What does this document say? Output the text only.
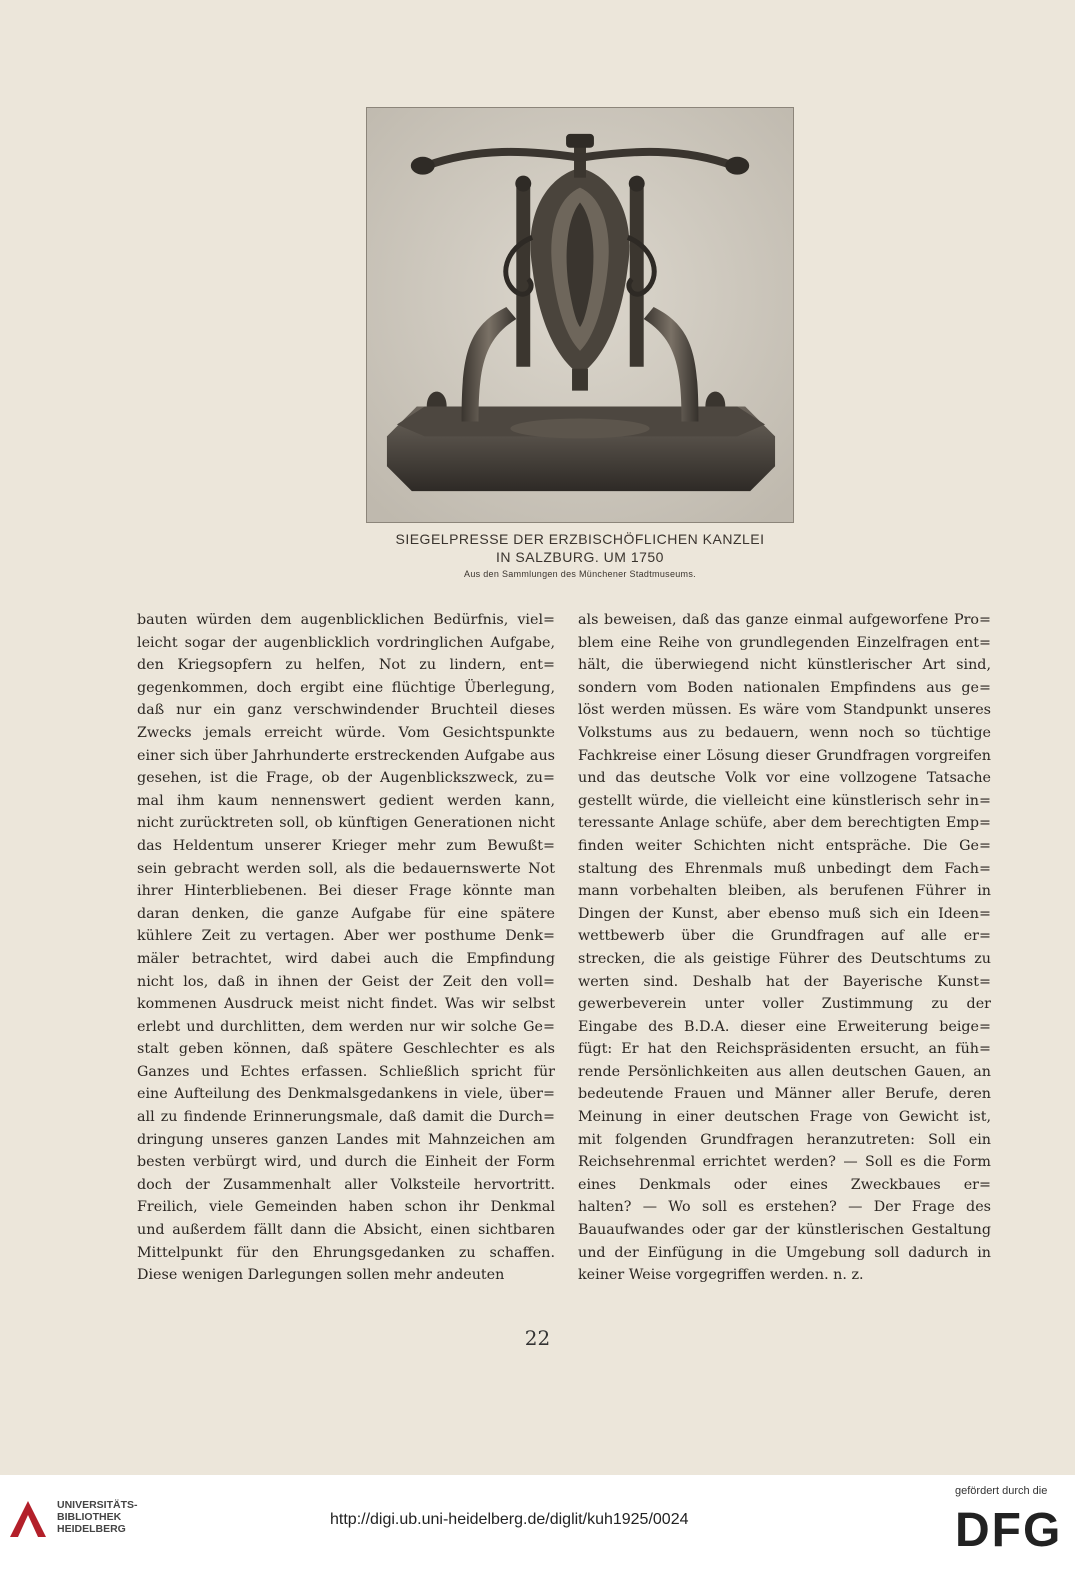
SIEGELPRESSE DER ERZBISCHÖFLICHEN KANZLEI
IN SALZBURG. UM 1750
Aus den Sammlungen des Münchener Stadtmuseums.
bauten würden dem augenblicklichen Bedürfnis, viel=
leicht sogar der augenblicklich vordringlichen Aufgabe,
den Kriegsopfern zu helfen, Not zu lindern, ent=
gegenkommen, doch ergibt eine flüchtige Überlegung,
daß nur ein ganz verschwindender Bruchteil dieses
Zwecks jemals erreicht würde. Vom Gesichtspunkte
einer sich über Jahrhunderte erstreckenden Aufgabe aus
gesehen, ist die Frage, ob der Augenblickszweck, zu=
mal ihm kaum nennenswert gedient werden kann,
nicht zurücktreten soll, ob künftigen Generationen nicht
das Heldentum unserer Krieger mehr zum Bewußt=
sein gebracht werden soll, als die bedauernswerte Not
ihrer Hinterbliebenen. Bei dieser Frage könnte man
daran denken, die ganze Aufgabe für eine spätere
kühlere Zeit zu vertagen. Aber wer posthume Denk=
mäler betrachtet, wird dabei auch die Empfindung
nicht los, daß in ihnen der Geist der Zeit den voll=
kommenen Ausdruck meist nicht findet. Was wir selbst
erlebt und durchlitten, dem werden nur wir solche Ge=
stalt geben können, daß spätere Geschlechter es als
Ganzes und Echtes erfassen. Schließlich spricht für
eine Aufteilung des Denkmalsgedankens in viele, über=
all zu findende Erinnerungsmale, daß damit die Durch=
dringung unseres ganzen Landes mit Mahnzeichen am
besten verbürgt wird, und durch die Einheit der Form
doch der Zusammenhalt aller Volksteile hervortritt.
Freilich, viele Gemeinden haben schon ihr Denkmal
und außerdem fällt dann die Absicht, einen sichtbaren
Mittelpunkt für den Ehrungsgedanken zu schaffen.
Diese wenigen Darlegungen sollen mehr andeuten
als beweisen, daß das ganze einmal aufgeworfene Pro=
blem eine Reihe von grundlegenden Einzelfragen ent=
hält, die überwiegend nicht künstlerischer Art sind,
sondern vom Boden nationalen Empfindens aus ge=
löst werden müssen. Es wäre vom Standpunkt unseres
Volkstums aus zu bedauern, wenn noch so tüchtige
Fachkreise einer Lösung dieser Grundfragen vorgreifen
und das deutsche Volk vor eine vollzogene Tatsache
gestellt würde, die vielleicht eine künstlerisch sehr in=
teressante Anlage schüfe, aber dem berechtigten Emp=
finden weiter Schichten nicht entspräche. Die Ge=
staltung des Ehrenmals muß unbedingt dem Fach=
mann vorbehalten bleiben, als berufenen Führer in
Dingen der Kunst, aber ebenso muß sich ein Ideen=
wettbewerb über die Grundfragen auf alle er=
strecken, die als geistige Führer des Deutschtums zu
werten sind. Deshalb hat der Bayerische Kunst=
gewerbeverein unter voller Zustimmung zu der
Eingabe des B.D.A. dieser eine Erweiterung beige=
fügt: Er hat den Reichspräsidenten ersucht, an füh=
rende Persönlichkeiten aus allen deutschen Gauen, an
bedeutende Frauen und Männer aller Berufe, deren
Meinung in einer deutschen Frage von Gewicht ist,
mit folgenden Grundfragen heranzutreten: Soll ein
Reichsehrenmal errichtet werden? — Soll es die Form
eines Denkmals oder eines Zweckbaues er=
halten? — Wo soll es erstehen? — Der Frage des
Bauaufwandes oder gar der künstlerischen Gestaltung
und der Einfügung in die Umgebung soll dadurch in
keiner Weise vorgegriffen werden. n. z.
22
UNIVERSITÄTS-
BIBLIOTHEK
HEIDELBERG
http://digi.ub.uni-heidelberg.de/diglit/kuh1925/0024
gefördert durch die
DFG
